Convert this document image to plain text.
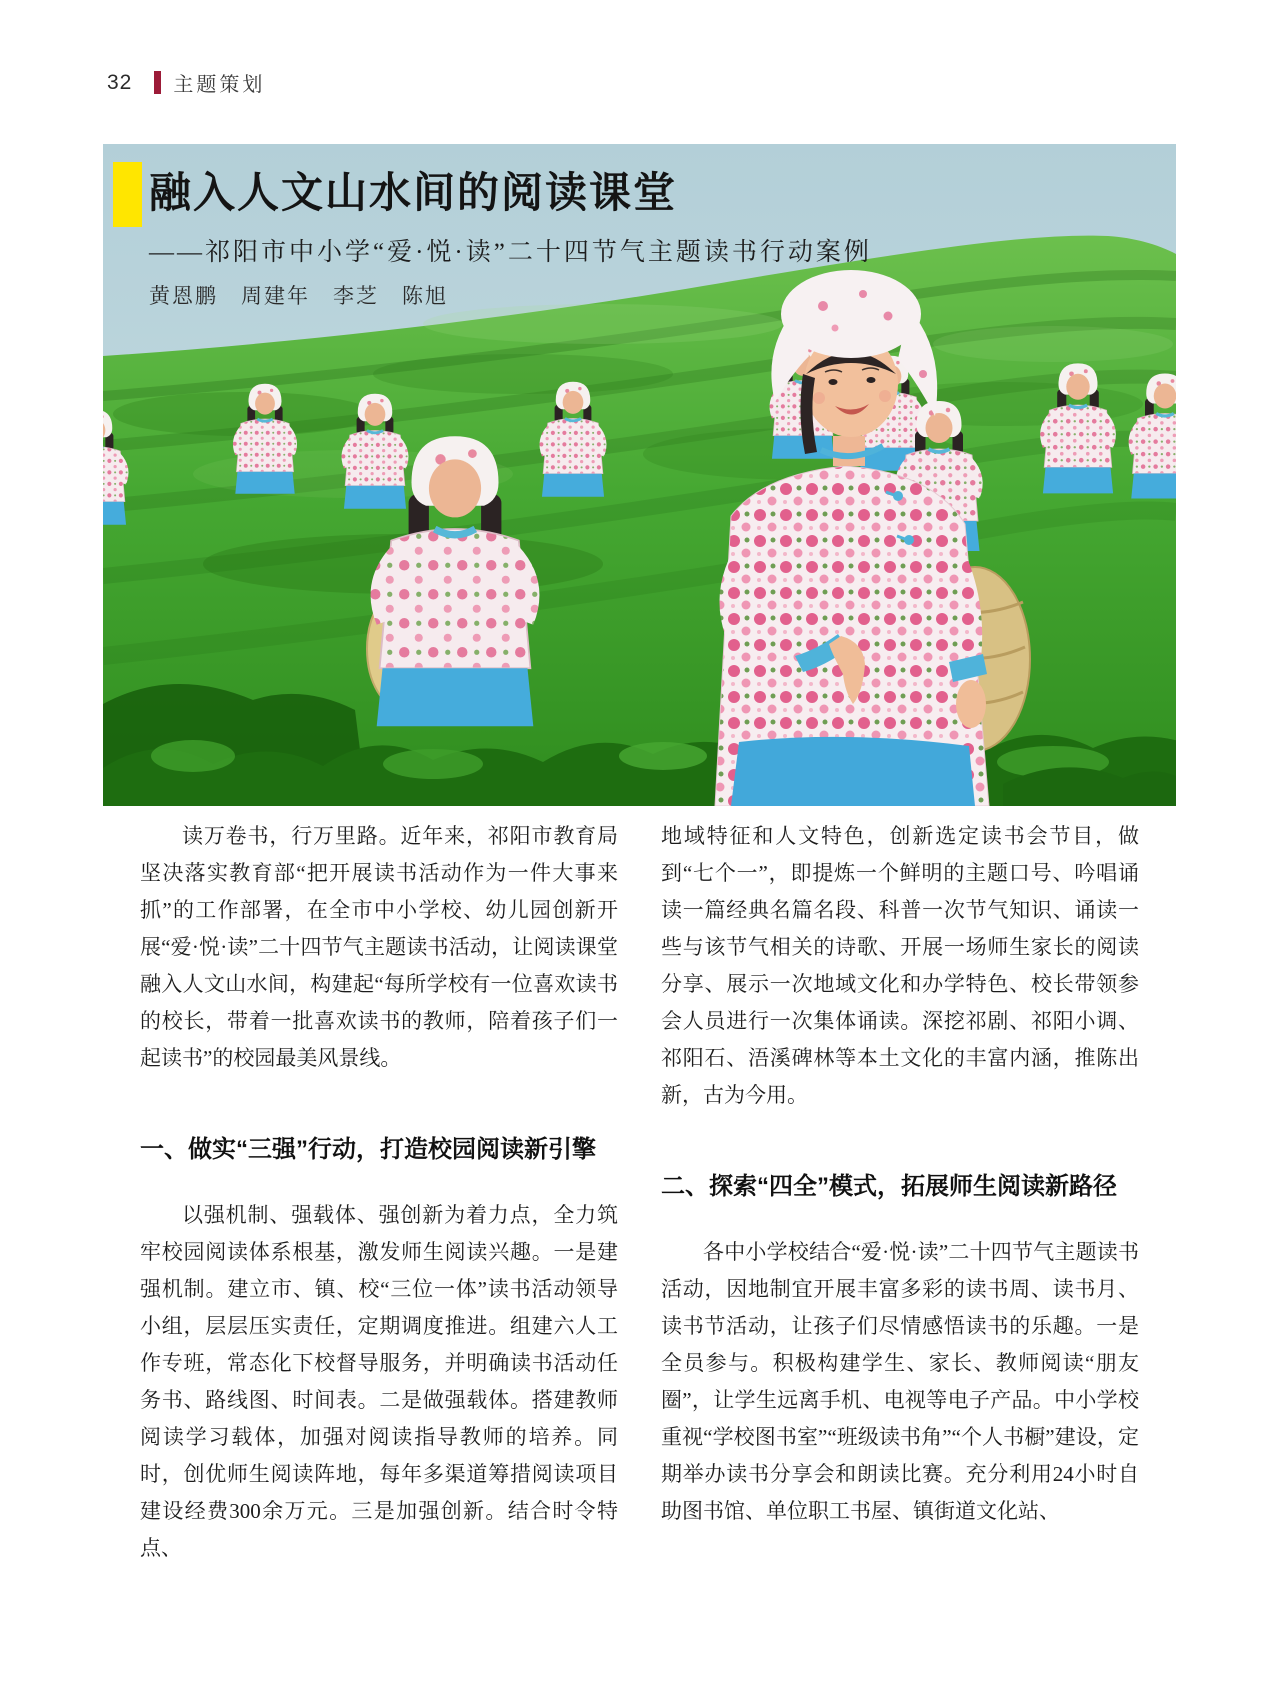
32 主题策划
融入人文山水间的阅读课堂
——祁阳市中小学“爱·悦·读”二十四节气主题读书行动案例
黄恩鹏　周建年　李芝　陈旭

读万卷书，行万里路。近年来，祁阳市教育局坚决落实教育部“把开展读书活动作为一件大事来抓”的工作部署，在全市中小学校、幼儿园创新开展“爱·悦·读”二十四节气主题读书活动，让阅读课堂融入人文山水间，构建起“每所学校有一位喜欢读书的校长，带着一批喜欢读书的教师，陪着孩子们一起读书”的校园最美风景线。

一、做实“三强”行动，打造校园阅读新引擎

以强机制、强载体、强创新为着力点，全力筑牢校园阅读体系根基，激发师生阅读兴趣。一是建强机制。建立市、镇、校“三位一体”读书活动领导小组，层层压实责任，定期调度推进。组建六人工作专班，常态化下校督导服务，并明确读书活动任务书、路线图、时间表。二是做强载体。搭建教师阅读学习载体，加强对阅读指导教师的培养。同时，创优师生阅读阵地，每年多渠道筹措阅读项目建设经费300余万元。三是加强创新。结合时令特点、

地域特征和人文特色，创新选定读书会节目，做到“七个一”，即提炼一个鲜明的主题口号、吟唱诵读一篇经典名篇名段、科普一次节气知识、诵读一些与该节气相关的诗歌、开展一场师生家长的阅读分享、展示一次地域文化和办学特色、校长带领参会人员进行一次集体诵读。深挖祁剧、祁阳小调、祁阳石、浯溪碑林等本土文化的丰富内涵，推陈出新，古为今用。

二、探索“四全”模式，拓展师生阅读新路径

各中小学校结合“爱·悦·读”二十四节气主题读书活动，因地制宜开展丰富多彩的读书周、读书月、读书节活动，让孩子们尽情感悟读书的乐趣。一是全员参与。积极构建学生、家长、教师阅读“朋友圈”，让学生远离手机、电视等电子产品。中小学校重视“学校图书室”“班级读书角”“个人书橱”建设，定期举办读书分享会和朗读比赛。充分利用24小时自助图书馆、单位职工书屋、镇街道文化站、
